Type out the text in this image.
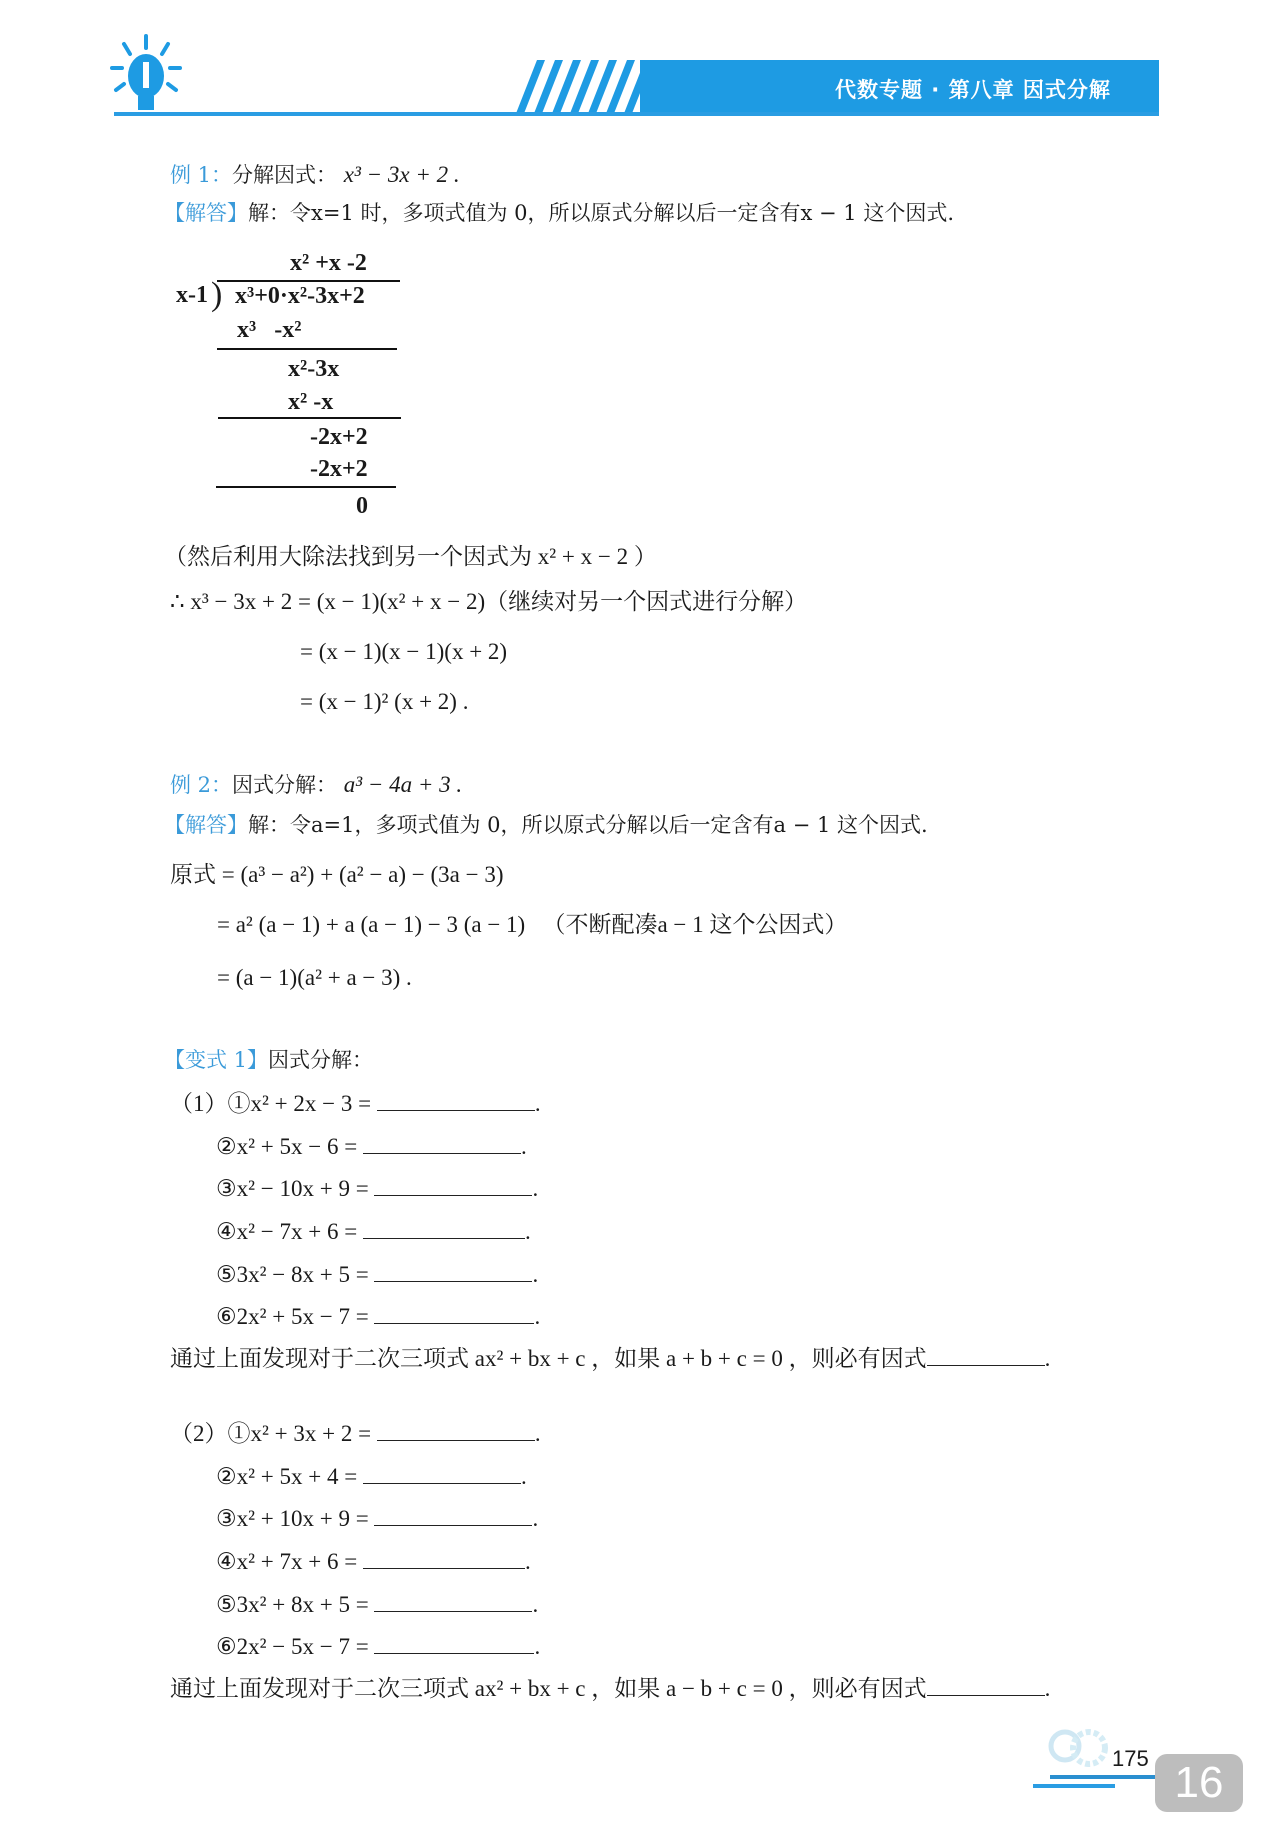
代数专题 · 第八章 因式分解
例 1：分解因式： x³ − 3x + 2 .
【解答】解：令x=1 时，多项式值为 0，所以原式分解以后一定含有x − 1 这个因式.
x² +x -2
x-1 ) x³+0·x²-3x+2
x³   -x²
x²-3x
x² -x
-2x+2
-2x+2
0
（然后利用大除法找到另一个因式为 x² + x − 2 ）
∴ x³ − 3x + 2 = (x − 1)(x² + x − 2)（继续对另一个因式进行分解）
= (x − 1)(x − 1)(x + 2)
= (x − 1)² (x + 2) .
例 2：因式分解： a³ − 4a + 3 .
【解答】解：令a=1，多项式值为 0，所以原式分解以后一定含有a − 1 这个因式.
原式 = (a³ − a²) + (a² − a) − (3a − 3)
= a² (a − 1) + a (a − 1) − 3 (a − 1)   （不断配凑a − 1 这个公因式）
= (a − 1)(a² + a − 3) .
【变式 1】因式分解：
（1）①x² + 2x − 3 =	.
②x² + 5x − 6 =	.
③x² − 10x + 9 =	.
④x² − 7x + 6 =	.
⑤3x² − 8x + 5 =	.
⑥2x² + 5x − 7 =	.
通过上面发现对于二次三项式 ax² + bx + c ，如果 a + b + c = 0 ，则必有因式	.
（2）①x² + 3x + 2 =	.
②x² + 5x + 4 =	.
③x² + 10x + 9 =	.
④x² + 7x + 6 =	.
⑤3x² + 8x + 5 =	.
⑥2x² − 5x − 7 =	.
通过上面发现对于二次三项式 ax² + bx + c ，如果 a − b + c = 0 ，则必有因式	.
175 16
